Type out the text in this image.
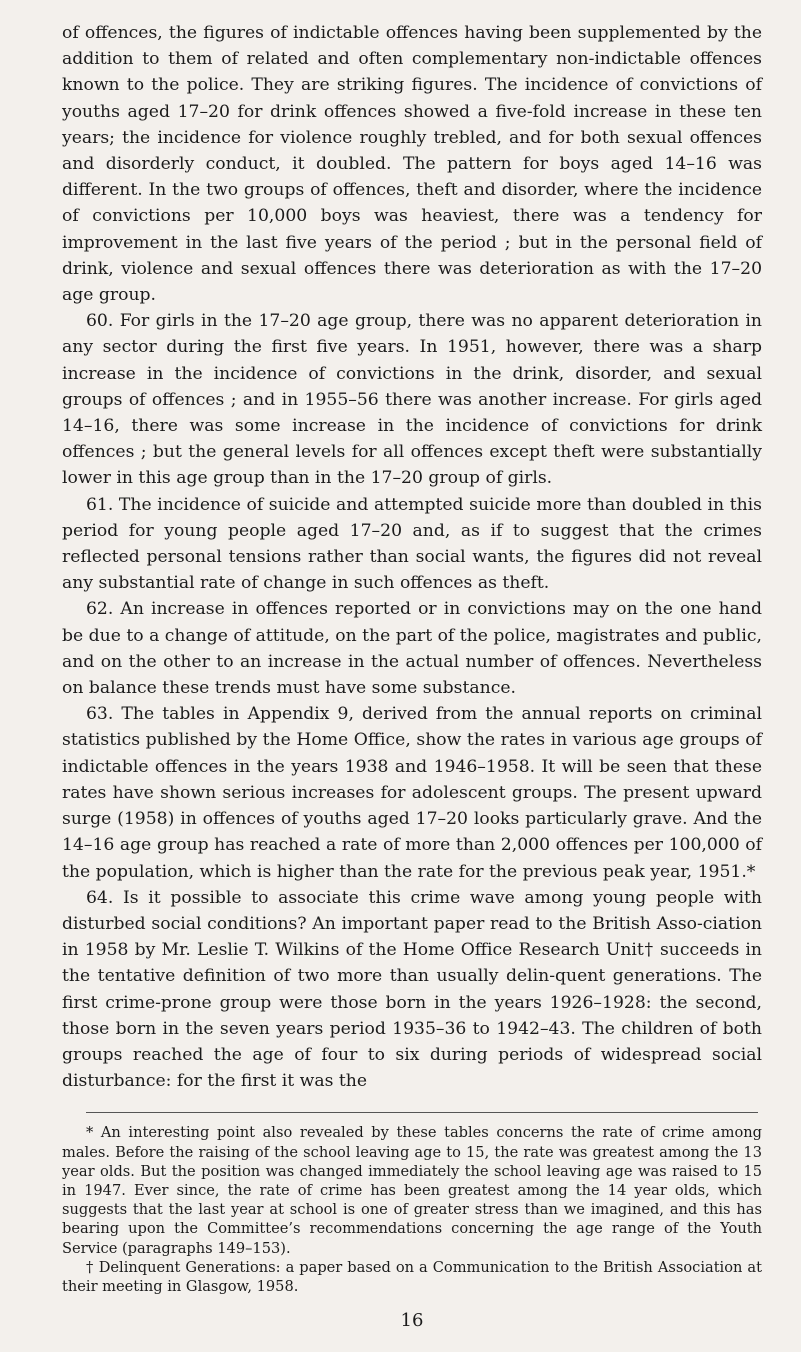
of offences, the figures of indictable offences having been supplemented by the addition to them of related and often complementary non-indictable offences known to the police. They are striking figures. The incidence of convictions of youths aged 17–20 for drink offences showed a five-fold increase in these ten years; the incidence for violence roughly trebled, and for both sexual offences and disorderly conduct, it doubled. The pattern for boys aged 14–16 was different. In the two groups of offences, theft and disorder, where the incidence of convictions per 10,000 boys was heaviest, there was a tendency for improvement in the last five years of the period ; but in the personal field of drink, violence and sexual offences there was deterioration as with the 17–20 age group.

60. For girls in the 17–20 age group, there was no apparent deterioration in any sector during the first five years. In 1951, however, there was a sharp increase in the incidence of convictions in the drink, disorder, and sexual groups of offences ; and in 1955–56 there was another increase. For girls aged 14–16, there was some increase in the incidence of convictions for drink offences ; but the general levels for all offences except theft were substantially lower in this age group than in the 17–20 group of girls.

61. The incidence of suicide and attempted suicide more than doubled in this period for young people aged 17–20 and, as if to suggest that the crimes reflected personal tensions rather than social wants, the figures did not reveal any substantial rate of change in such offences as theft.

62. An increase in offences reported or in convictions may on the one hand be due to a change of attitude, on the part of the police, magistrates and public, and on the other to an increase in the actual number of offences. Nevertheless on balance these trends must have some substance.

63. The tables in Appendix 9, derived from the annual reports on criminal statistics published by the Home Office, show the rates in various age groups of indictable offences in the years 1938 and 1946–1958. It will be seen that these rates have shown serious increases for adolescent groups. The present upward surge (1958) in offences of youths aged 17–20 looks particularly grave. And the 14–16 age group has reached a rate of more than 2,000 offences per 100,000 of the population, which is higher than the rate for the previous peak year, 1951.*

64. Is it possible to associate this crime wave among young people with disturbed social conditions? An important paper read to the British Asso-ciation in 1958 by Mr. Leslie T. Wilkins of the Home Office Research Unit† succeeds in the tentative definition of two more than usually delin-quent generations. The first crime-prone group were those born in the years 1926–1928: the second, those born in the seven years period 1935–36 to 1942–43. The children of both groups reached the age of four to six during periods of widespread social disturbance: for the first it was the

* An interesting point also revealed by these tables concerns the rate of crime among males. Before the raising of the school leaving age to 15, the rate was greatest among the 13 year olds. But the position was changed immediately the school leaving age was raised to 15 in 1947. Ever since, the rate of crime has been greatest among the 14 year olds, which suggests that the last year at school is one of greater stress than we imagined, and this has bearing upon the Committee’s recommendations concerning the age range of the Youth Service (paragraphs 149–153).

† Delinquent Generations: a paper based on a Communication to the British Association at their meeting in Glasgow, 1958.

16
